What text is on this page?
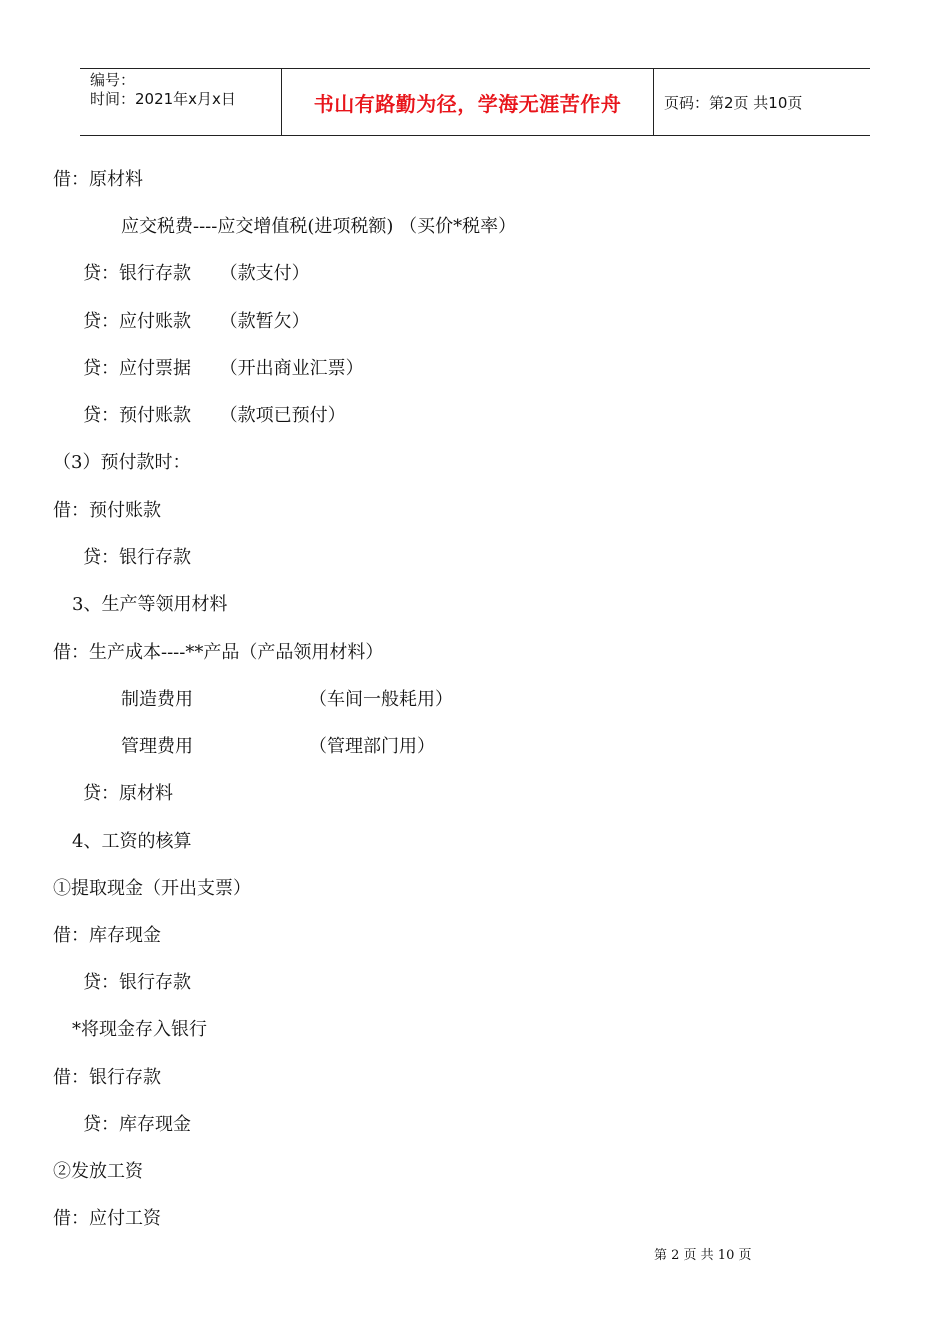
编号：
时间：2021年x月x日	书山有路勤为径，学海无涯苦作舟	页码：第2页 共10页
借：原材料
应交税费----应交增值税(进项税额) （买价*税率）
贷：银行存款     （款支付）
贷：应付账款     （款暂欠）
贷：应付票据     （开出商业汇票）
贷：预付账款     （款项已预付）
（3）预付款时：
借：预付账款
贷：银行存款
3、生产等领用材料
借：生产成本----**产品（产品领用材料）
制造费用	（车间一般耗用）
管理费用	（管理部门用）
贷：原材料
4、工资的核算
①提取现金（开出支票）
借：库存现金
贷：银行存款
*将现金存入银行
借：银行存款
贷：库存现金
②发放工资
借：应付工资
第 2 页 共 10 页
